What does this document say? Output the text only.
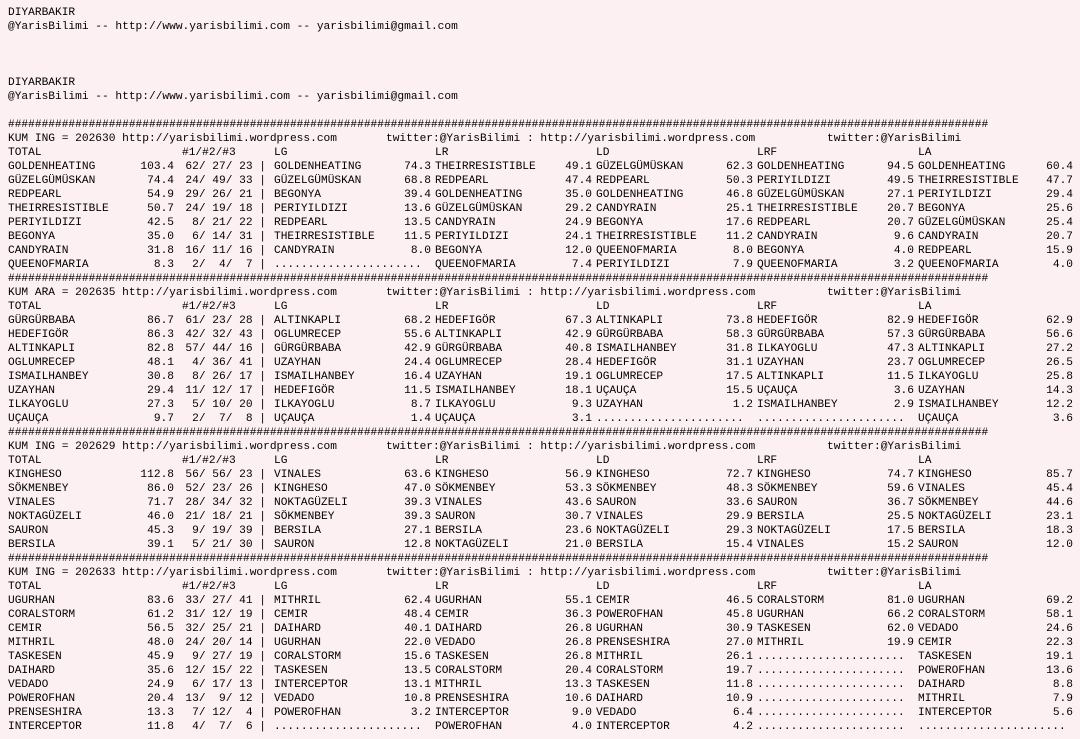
DIYARBAKIR
@YarisBilimi -- http://www.yarisbilimi.com -- yarisbilimi@gmail.com
DIYARBAKIR
@YarisBilimi -- http://www.yarisbilimi.com -- yarisbilimi@gmail.com
##################################################################################################################################################
KUM ING = 202630 http://yarisbilimi.wordpress.com	twitter:@YarisBilimi : http://yarisbilimi.wordpress.com	twitter:@YarisBilimi
TOTAL	#1/#2/#3	LG	LR	LD	LRF	LA
GOLDENHEATING	103.4 62/ 27/ 23 | GOLDENHEATING	74.3 THEIRRESISTIBLE	49.1 GÜZELGÜMÜSKAN	62.3 GOLDENHEATING	94.5 GOLDENHEATING	60.4
GÜZELGÜMÜSKAN	74.4 24/ 49/ 33 | GÜZELGÜMÜSKAN	68.8 REDPEARL	47.4 REDPEARL	50.3 PERIYILDIZI	49.5 THEIRRESISTIBLE	47.7
REDPEARL	54.9 29/ 26/ 21 | BEGONYA	39.4 GOLDENHEATING	35.0 GOLDENHEATING	46.8 GÜZELGÜMÜSKAN	27.1 PERIYILDIZI	29.4
THEIRRESISTIBLE	50.7 24/ 19/ 18 | PERIYILDIZI	13.6 GÜZELGÜMÜSKAN	29.2 CANDYRAIN	25.1 THEIRRESISTIBLE	20.7 BEGONYA	25.6
PERIYILDIZI	42.5 8/ 21/ 22 | REDPEARL	13.5 CANDYRAIN	24.9 BEGONYA	17.6 REDPEARL	20.7 GÜZELGÜMÜSKAN	25.4
BEGONYA	35.0 6/ 14/ 31 | THEIRRESISTIBLE	11.5 PERIYILDIZI	24.1 THEIRRESISTIBLE	11.2 CANDYRAIN	9.6 CANDYRAIN	20.7
CANDYRAIN	31.8 16/ 11/ 16 | CANDYRAIN	8.0 BEGONYA	12.0 QUEENOFMARIA	8.0 BEGONYA	4.0 REDPEARL	15.9
QUEENOFMARIA	8.3 2/  4/  7 | ...................... QUEENOFMARIA	7.4 PERIYILDIZI	7.9 QUEENOFMARIA	3.2 QUEENOFMARIA	4.0
##################################################################################################################################################
KUM ARA = 202635 http://yarisbilimi.wordpress.com	twitter:@YarisBilimi : http://yarisbilimi.wordpress.com	twitter:@YarisBilimi
TOTAL	#1/#2/#3	LG	LR	LD	LRF	LA
GÜRGÜRBABA	86.7 61/ 23/ 28 | ALTINKAPLI	68.2 HEDEFIGÖR	67.3 ALTINKAPLI	73.8 HEDEFIGÖR	82.9 HEDEFIGÖR	62.9
HEDEFIGÖR	86.3 42/ 32/ 43 | OGLUMRECEP	55.6 ALTINKAPLI	42.9 GÜRGÜRBABA	58.3 GÜRGÜRBABA	57.3 GÜRGÜRBABA	56.6
ALTINKAPLI	82.8 57/ 44/ 16 | GÜRGÜRBABA	42.9 GÜRGÜRBABA	40.8 ISMAILHANBEY	31.8 ILKAYOGLU	47.3 ALTINKAPLI	27.2
OGLUMRECEP	48.1 4/ 36/ 41 | UZAYHAN	24.4 OGLUMRECEP	28.4 HEDEFIGÖR	31.1 UZAYHAN	23.7 OGLUMRECEP	26.5
ISMAILHANBEY	30.8 8/ 26/ 17 | ISMAILHANBEY	16.4 UZAYHAN	19.1 OGLUMRECEP	17.5 ALTINKAPLI	11.5 ILKAYOGLU	25.8
UZAYHAN	29.4 11/ 12/ 17 | HEDEFIGÖR	11.5 ISMAILHANBEY	18.1 UÇAUÇA	15.5 UÇAUÇA	3.6 UZAYHAN	14.3
ILKAYOGLU	27.3 5/ 10/ 20 | ILKAYOGLU	8.7 ILKAYOGLU	9.3 UZAYHAN	1.2 ISMAILHANBEY	2.9 ISMAILHANBEY	12.2
UÇAUÇA	9.7 2/  7/  8 | UÇAUÇA	1.4 UÇAUÇA	3.1 ...................... ...................... UÇAUÇA	3.6
##################################################################################################################################################
KUM ING = 202629 http://yarisbilimi.wordpress.com	twitter:@YarisBilimi : http://yarisbilimi.wordpress.com	twitter:@YarisBilimi
TOTAL	#1/#2/#3	LG	LR	LD	LRF	LA
KINGHESO	112.8 56/ 56/ 23 | VINALES	63.6 KINGHESO	56.9 KINGHESO	72.7 KINGHESO	74.7 KINGHESO	85.7
SÖKMENBEY	86.0 52/ 23/ 26 | KINGHESO	47.0 SÖKMENBEY	53.3 SÖKMENBEY	48.3 SÖKMENBEY	59.6 VINALES	45.4
VINALES	71.7 28/ 34/ 32 | NOKTAGÜZELI	39.3 VINALES	43.6 SAURON	33.6 SAURON	36.7 SÖKMENBEY	44.6
NOKTAGÜZELI	46.0 21/ 18/ 21 | SÖKMENBEY	39.3 SAURON	30.7 VINALES	29.9 BERSILA	25.5 NOKTAGÜZELI	23.1
SAURON	45.3 9/ 19/ 39 | BERSILA	27.1 BERSILA	23.6 NOKTAGÜZELI	29.3 NOKTAGÜZELI	17.5 BERSILA	18.3
BERSILA	39.1 5/ 21/ 30 | SAURON	12.8 NOKTAGÜZELI	21.0 BERSILA	15.4 VINALES	15.2 SAURON	12.0
##################################################################################################################################################
KUM ING = 202633 http://yarisbilimi.wordpress.com	twitter:@YarisBilimi : http://yarisbilimi.wordpress.com	twitter:@YarisBilimi
TOTAL	#1/#2/#3	LG	LR	LD	LRF	LA
UGURHAN	83.6 33/ 27/ 41 | MITHRIL	62.4 UGURHAN	55.1 CEMIR	46.5 CORALSTORM	81.0 UGURHAN	69.2
CORALSTORM	61.2 31/ 12/ 19 | CEMIR	48.4 CEMIR	36.3 POWEROFHAN	45.8 UGURHAN	66.2 CORALSTORM	58.1
CEMIR	56.5 32/ 25/ 21 | DAIHARD	40.1 DAIHARD	26.8 UGURHAN	30.9 TASKESEN	62.0 VEDADO	24.6
MITHRIL	48.0 24/ 20/ 14 | UGURHAN	22.0 VEDADO	26.8 PRENSESHIRA	27.0 MITHRIL	19.9 CEMIR	22.3
TASKESEN	45.9 9/ 27/ 19 | CORALSTORM	15.6 TASKESEN	26.8 MITHRIL	26.1 ...................... TASKESEN	19.1
DAIHARD	35.6 12/ 15/ 22 | TASKESEN	13.5 CORALSTORM	20.4 CORALSTORM	19.7 ...................... POWEROFHAN	13.6
VEDADO	24.9 6/ 17/ 13 | INTERCEPTOR	13.1 MITHRIL	13.3 TASKESEN	11.8 ...................... DAIHARD	8.8
POWEROFHAN	20.4 13/  9/ 12 | VEDADO	10.8 PRENSESHIRA	10.6 DAIHARD	10.9 ...................... MITHRIL	7.9
PRENSESHIRA	13.3 7/ 12/  4 | POWEROFHAN	3.2 INTERCEPTOR	9.0 VEDADO	6.4 ...................... INTERCEPTOR	5.6
INTERCEPTOR	11.8 4/  7/  6 | ...................... POWEROFHAN	4.0 INTERCEPTOR	4.2 ...................... ......................
